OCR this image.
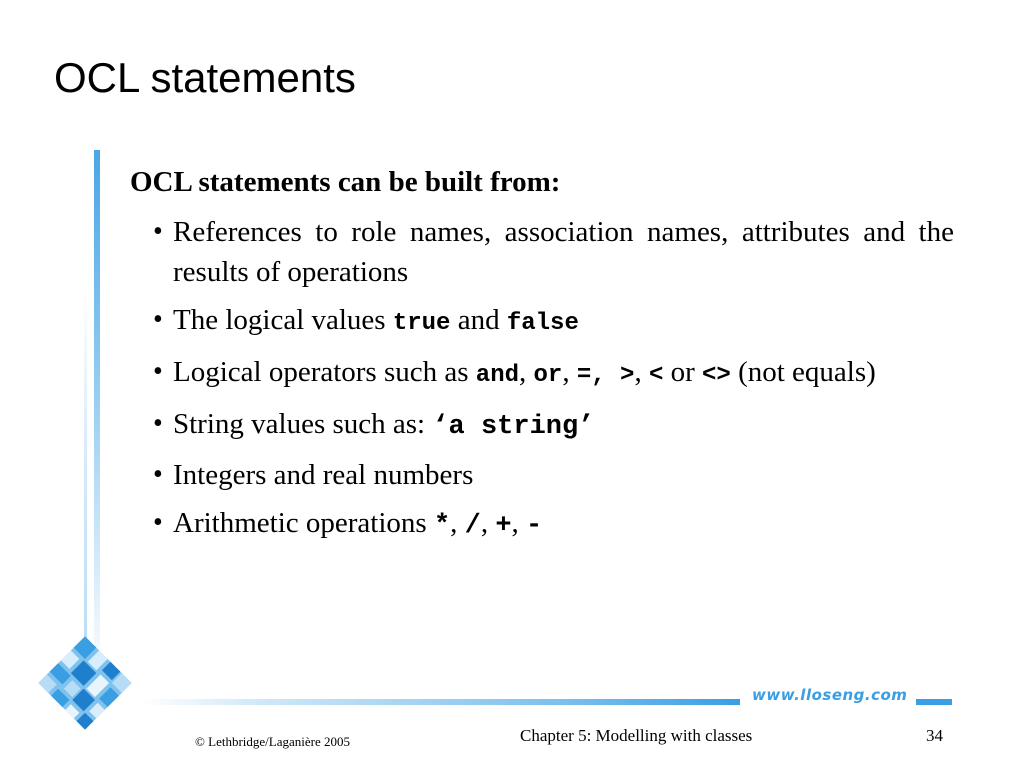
OCL statements
OCL statements can be built from:
• References to role names, association names, attributes and the results of operations
• The logical values true and false
• Logical operators such as and, or, =, >, < or <> (not equals)
• String values such as: ‘a string’
• Integers and real numbers
• Arithmetic operations *, /, +, -
www.lloseng.com
© Lethbridge/Laganière 2005	Chapter 5: Modelling with classes	34
